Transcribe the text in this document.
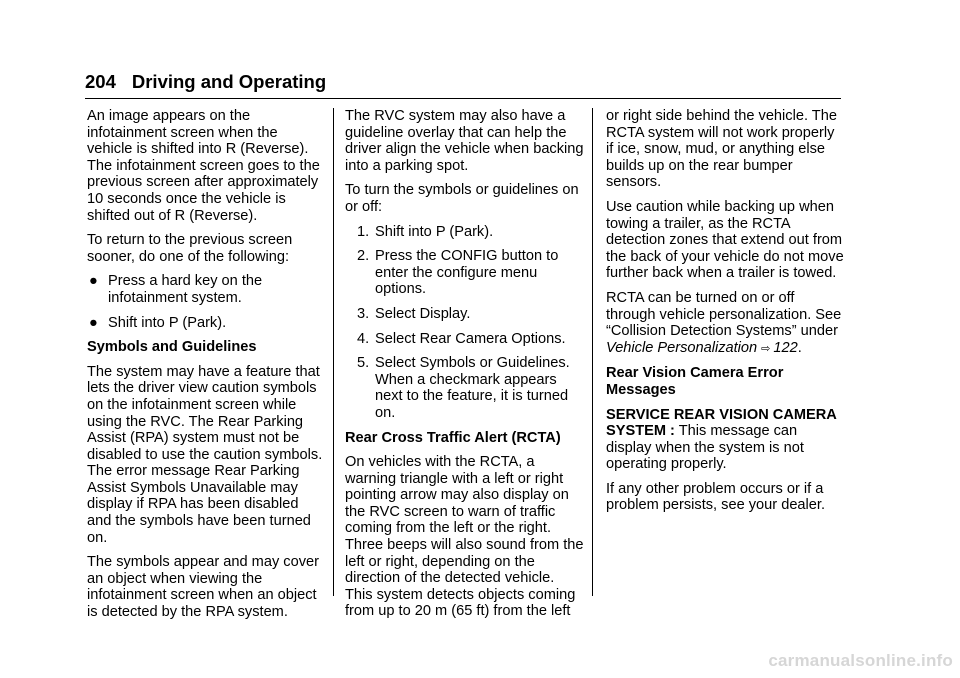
204 Driving and Operating

An image appears on the infotainment screen when the vehicle is shifted into R (Reverse). The infotainment screen goes to the previous screen after approximately 10 seconds once the vehicle is shifted out of R (Reverse).

To return to the previous screen sooner, do one of the following:

● Press a hard key on the infotainment system.
● Shift into P (Park).

Symbols and Guidelines

The system may have a feature that lets the driver view caution symbols on the infotainment screen while using the RVC. The Rear Parking Assist (RPA) system must not be disabled to use the caution symbols. The error message Rear Parking Assist Symbols Unavailable may display if RPA has been disabled and the symbols have been turned on.

The symbols appear and may cover an object when viewing the infotainment screen when an object is detected by the RPA system.

The RVC system may also have a guideline overlay that can help the driver align the vehicle when backing into a parking spot.

To turn the symbols or guidelines on or off:

1. Shift into P (Park).
2. Press the CONFIG button to enter the configure menu options.
3. Select Display.
4. Select Rear Camera Options.
5. Select Symbols or Guidelines. When a checkmark appears next to the feature, it is turned on.

Rear Cross Traffic Alert (RCTA)

On vehicles with the RCTA, a warning triangle with a left or right pointing arrow may also display on the RVC screen to warn of traffic coming from the left or the right. Three beeps will also sound from the left or right, depending on the direction of the detected vehicle. This system detects objects coming from up to 20 m (65 ft) from the left

or right side behind the vehicle. The RCTA system will not work properly if ice, snow, mud, or anything else builds up on the rear bumper sensors.

Use caution while backing up when towing a trailer, as the RCTA detection zones that extend out from the back of your vehicle do not move further back when a trailer is towed.

RCTA can be turned on or off through vehicle personalization. See “Collision Detection Systems” under Vehicle Personalization ⇨ 122.

Rear Vision Camera Error Messages

SERVICE REAR VISION CAMERA SYSTEM : This message can display when the system is not operating properly.

If any other problem occurs or if a problem persists, see your dealer.

carmanualsonline.info
